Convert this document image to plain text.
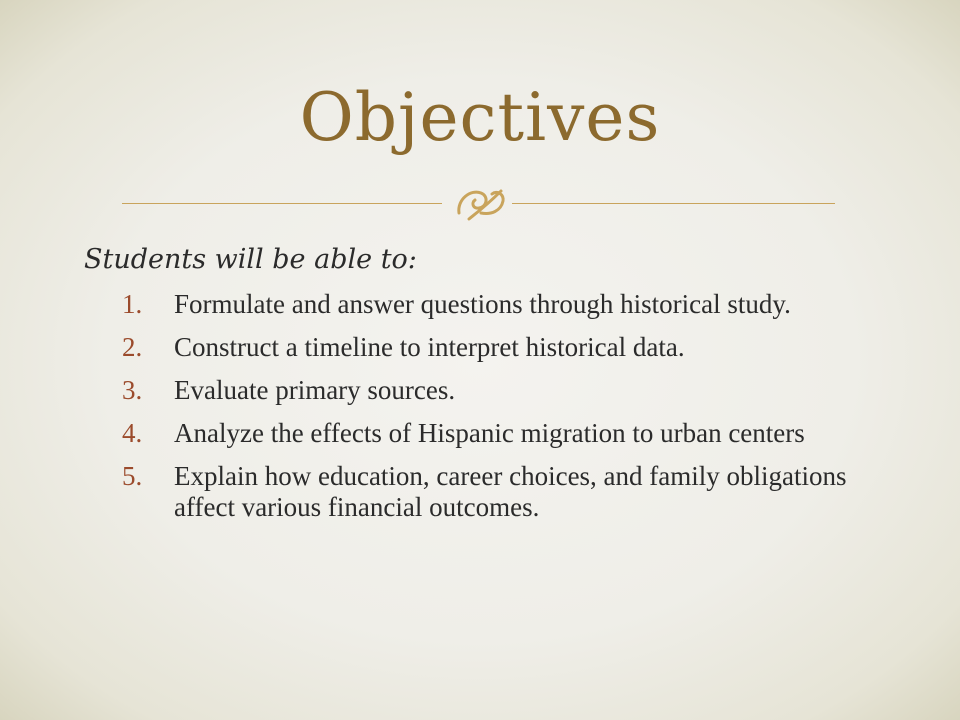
Objectives
Students will be able to:
1. Formulate and answer questions through historical study.
2. Construct a timeline to interpret historical data.
3. Evaluate primary sources.
4. Analyze the effects of Hispanic migration to urban centers
5. Explain how education, career choices, and family obligations affect various financial outcomes.
